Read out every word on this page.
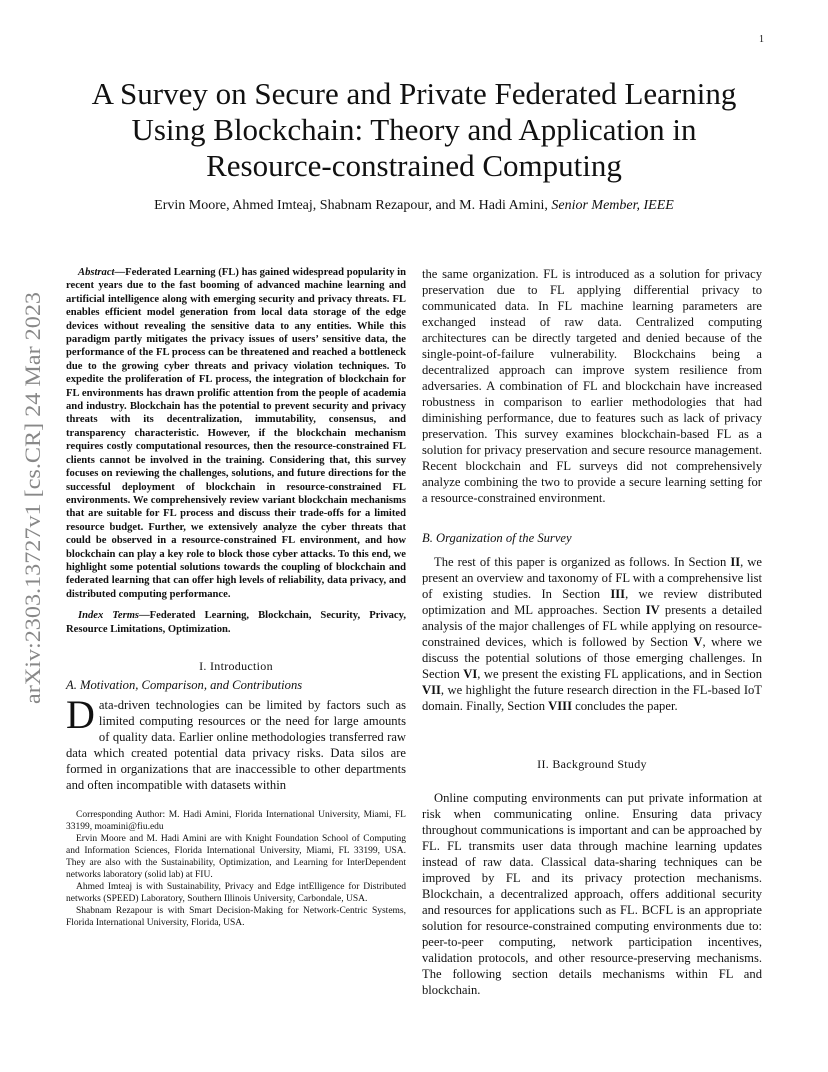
1
A Survey on Secure and Private Federated Learning
Using Blockchain: Theory and Application in
Resource-constrained Computing
Ervin Moore, Ahmed Imteaj, Shabnam Rezapour, and M. Hadi Amini, Senior Member, IEEE
arXiv:2303.13727v1 [cs.CR] 24 Mar 2023
Abstract—Federated Learning (FL) has gained widespread popularity in recent years due to the fast booming of advanced machine learning and artificial intelligence along with emerging security and privacy threats. FL enables efficient model generation from local data storage of the edge devices without revealing the sensitive data to any entities. While this paradigm partly mitigates the privacy issues of users’ sensitive data, the performance of the FL process can be threatened and reached a bottleneck due to the growing cyber threats and privacy violation techniques. To expedite the proliferation of FL process, the integration of blockchain for FL environments has drawn prolific attention from the people of academia and industry. Blockchain has the potential to prevent security and privacy threats with its decentralization, immutability, consensus, and transparency characteristic. However, if the blockchain mechanism requires costly computational resources, then the resource-constrained FL clients cannot be involved in the training. Considering that, this survey focuses on reviewing the challenges, solutions, and future directions for the successful deployment of blockchain in resource-constrained FL environments. We comprehensively review variant blockchain mechanisms that are suitable for FL process and discuss their trade-offs for a limited resource budget. Further, we extensively analyze the cyber threats that could be observed in a resource-constrained FL environment, and how blockchain can play a key role to block those cyber attacks. To this end, we highlight some potential solutions towards the coupling of blockchain and federated learning that can offer high levels of reliability, data privacy, and distributed computing performance.
Index Terms—Federated Learning, Blockchain, Security, Privacy, Resource Limitations, Optimization.
I. Introduction
A. Motivation, Comparison, and Contributions
Data-driven technologies can be limited by factors such as limited computing resources or the need for large amounts of quality data. Earlier online methodologies transferred raw data which created potential data privacy risks. Data silos are formed in organizations that are inaccessible to other departments and often incompatible with datasets within

Corresponding Author: M. Hadi Amini, Florida International University, Miami, FL 33199, moamini@fiu.edu

Ervin Moore and M. Hadi Amini are with Knight Foundation School of Computing and Information Sciences, Florida International University, Miami, FL 33199, USA. They are also with the Sustainability, Optimization, and Learning for InterDependent networks laboratory (solid lab) at FIU.

Ahmed Imteaj is with Sustainability, Privacy and Edge intElligence for Distributed networks (SPEED) Laboratory, Southern Illinois University, Carbondale, USA.

Shabnam Rezapour is with Smart Decision-Making for Network-Centric Systems, Florida International University, Florida, USA.

the same organization. FL is introduced as a solution for privacy preservation due to FL applying differential privacy to communicated data. In FL machine learning parameters are exchanged instead of raw data. Centralized computing architectures can be directly targeted and denied because of the single-point-of-failure vulnerability. Blockchains being a decentralized approach can improve system resilience from adversaries. A combination of FL and blockchain have increased robustness in comparison to earlier methodologies that had diminishing performance, due to features such as lack of privacy preservation. This survey examines blockchain-based FL as a solution for privacy preservation and secure resource management. Recent blockchain and FL surveys did not comprehensively analyze combining the two to provide a secure learning setting for a resource-constrained environment.

B. Organization of the Survey

The rest of this paper is organized as follows. In Section II, we present an overview and taxonomy of FL with a comprehensive list of existing studies. In Section III, we review distributed optimization and ML approaches. Section IV presents a detailed analysis of the major challenges of FL while applying on resource-constrained devices, which is followed by Section V, where we discuss the potential solutions of those emerging challenges. In Section VI, we present the existing FL applications, and in Section VII, we highlight the future research direction in the FL-based IoT domain. Finally, Section VIII concludes the paper.

II. Background Study

Online computing environments can put private information at risk when communicating online. Ensuring data privacy throughout communications is important and can be approached by FL. FL transmits user data through machine learning updates instead of raw data. Classical data-sharing techniques can be improved by FL and its privacy protection mechanisms. Blockchain, a decentralized approach, offers additional security and resources for applications such as FL. BCFL is an appropriate solution for resource-constrained computing environments due to: peer-to-peer computing, network participation incentives, validation protocols, and other resource-preserving mechanisms. The following section details mechanisms within FL and blockchain.
